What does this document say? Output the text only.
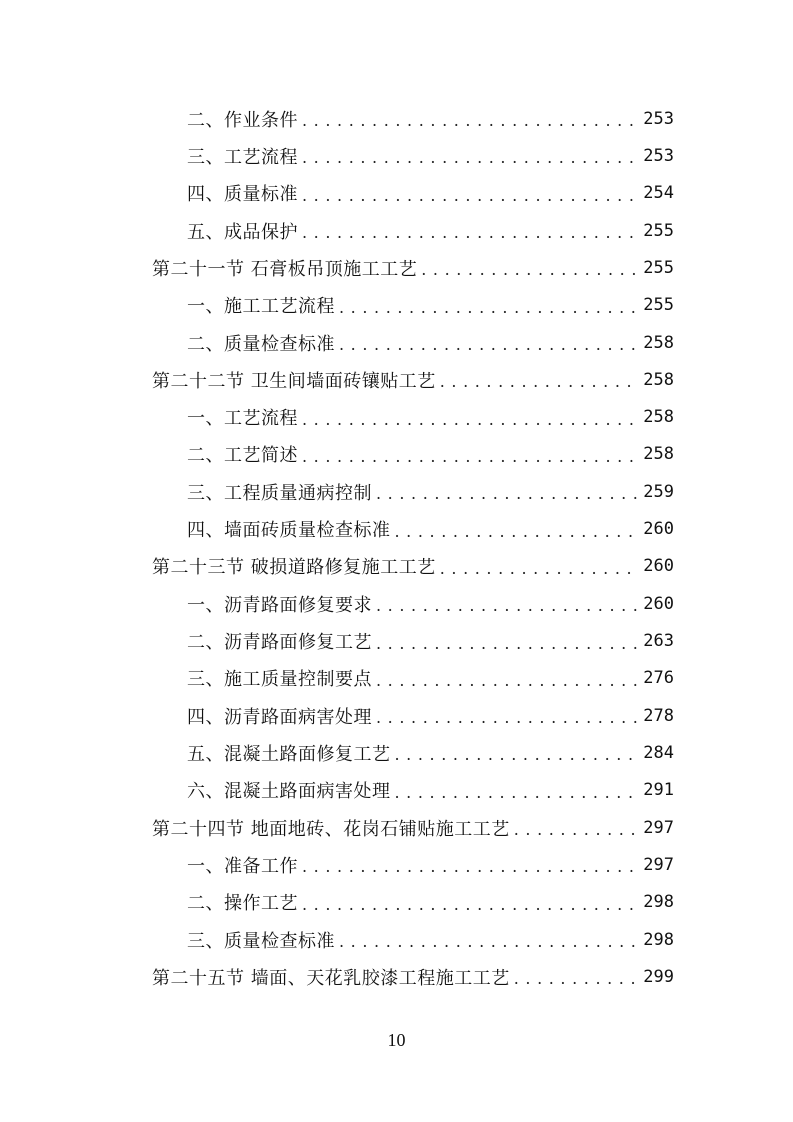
二、作业条件 . . .	253
三、工艺流程 . . .	253
四、质量标准 . . .	254
五、成品保护 . . .	255
第二十一节 石膏板吊顶施工工艺 . . .	255
一、施工工艺流程 . . .	255
二、质量检查标准 . . .	258
第二十二节 卫生间墙面砖镶贴工艺 . . .	258
一、工艺流程 . . .	258
二、工艺简述 . . .	258
三、工程质量通病控制 . . .	259
四、墙面砖质量检查标准 . . .	260
第二十三节 破损道路修复施工工艺 . . .	260
一、沥青路面修复要求 . . .	260
二、沥青路面修复工艺 . . .	263
三、施工质量控制要点 . . .	276
四、沥青路面病害处理 . . .	278
五、混凝土路面修复工艺 . . .	284
六、混凝土路面病害处理 . . .	291
第二十四节 地面地砖、花岗石铺贴施工工艺 . . .	297
一、准备工作 . . .	297
二、操作工艺 . . .	298
三、质量检查标准 . . .	298
第二十五节 墙面、天花乳胶漆工程施工工艺 . . .	299
10
